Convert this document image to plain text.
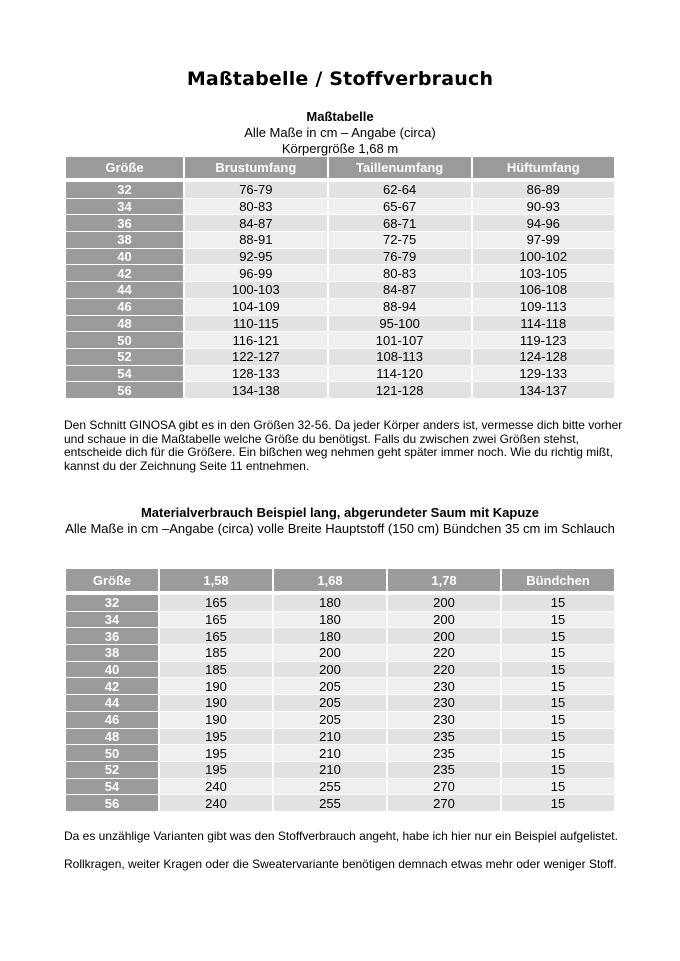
Maßtabelle / Stoffverbrauch
Maßtabelle
Alle Maße in cm – Angabe (circa)
Körpergröße 1,68 m
Größe	Brustumfang	Taillenumfang	Hüftumfang

32	76-79	62-64	86-89
34	80-83	65-67	90-93
36	84-87	68-71	94-96
38	88-91	72-75	97-99
40	92-95	76-79	100-102
42	96-99	80-83	103-105
44	100-103	84-87	106-108
46	104-109	88-94	109-113
48	110-115	95-100	114-118
50	116-121	101-107	119-123
52	122-127	108-113	124-128
54	128-133	114-120	129-133
56	134-138	121-128	134-137
Den Schnitt GINOSA gibt es in den Größen 32-56. Da jeder Körper anders ist, vermesse dich bitte vorher und schaue in die Maßtabelle welche Größe du benötigst. Falls du zwischen zwei Größen stehst, entscheide dich für die Größere. Ein bißchen weg nehmen geht später immer noch. Wie du richtig mißt, kannst du der Zeichnung Seite 11 entnehmen.
Materialverbrauch Beispiel lang, abgerundeter Saum mit Kapuze
Alle Maße in cm –Angabe (circa) volle Breite Hauptstoff (150 cm) Bündchen 35 cm im Schlauch
Größe	1,58	1,68	1,78	Bündchen

32	165	180	200	15
34	165	180	200	15
36	165	180	200	15
38	185	200	220	15
40	185	200	220	15
42	190	205	230	15
44	190	205	230	15
46	190	205	230	15
48	195	210	235	15
50	195	210	235	15
52	195	210	235	15
54	240	255	270	15
56	240	255	270	15
Da es unzählige Varianten gibt was den Stoffverbrauch angeht, habe ich hier nur ein Beispiel aufgelistet.
Rollkragen, weiter Kragen oder die Sweatervariante benötigen demnach etwas mehr oder weniger Stoff.
